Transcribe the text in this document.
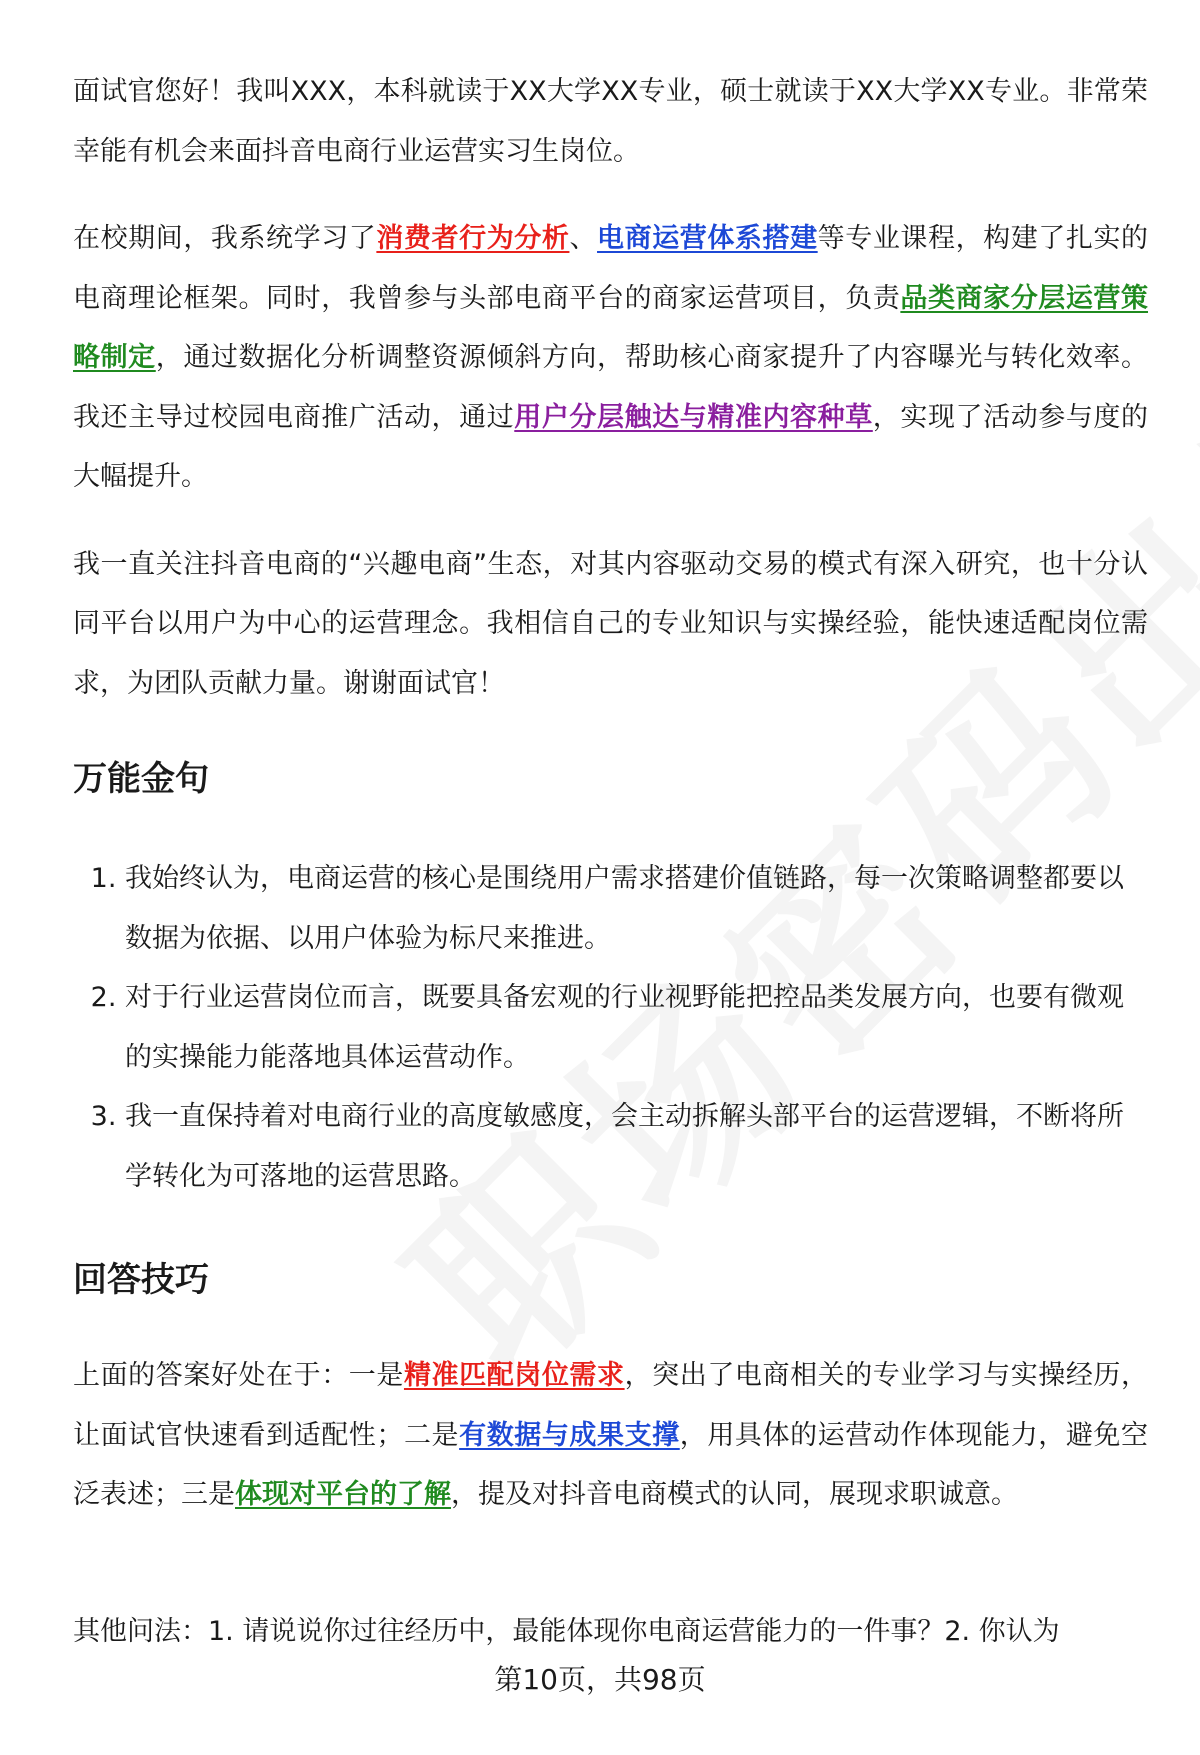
面试官您好！我叫XXX，本科就读于XX大学XX专业，硕士就读于XX大学XX专业。非常荣幸能有机会来面抖音电商行业运营实习生岗位。

在校期间，我系统学习了消费者行为分析、电商运营体系搭建等专业课程，构建了扎实的电商理论框架。同时，我曾参与头部电商平台的商家运营项目，负责品类商家分层运营策略制定，通过数据化分析调整资源倾斜方向，帮助核心商家提升了内容曝光与转化效率。我还主导过校园电商推广活动，通过用户分层触达与精准内容种草，实现了活动参与度的大幅提升。

我一直关注抖音电商的“兴趣电商”生态，对其内容驱动交易的模式有深入研究，也十分认同平台以用户为中心的运营理念。我相信自己的专业知识与实操经验，能快速适配岗位需求，为团队贡献力量。谢谢面试官！

万能金句
1. 我始终认为，电商运营的核心是围绕用户需求搭建价值链路，每一次策略调整都要以数据为依据、以用户体验为标尺来推进。
2. 对于行业运营岗位而言，既要具备宏观的行业视野能把控品类发展方向，也要有微观的实操能力能落地具体运营动作。
3. 我一直保持着对电商行业的高度敏感度，会主动拆解头部平台的运营逻辑，不断将所学转化为可落地的运营思路。
回答技巧

上面的答案好处在于：一是精准匹配岗位需求，突出了电商相关的专业学习与实操经历，让面试官快速看到适配性；二是有数据与成果支撑，用具体的运营动作体现能力，避免空泛表述；三是体现对平台的了解，提及对抖音电商模式的认同，展现求职诚意。

其他问法：1. 请说说你过往经历中，最能体现你电商运营能力的一件事？2. 你认为
第10页，共98页
